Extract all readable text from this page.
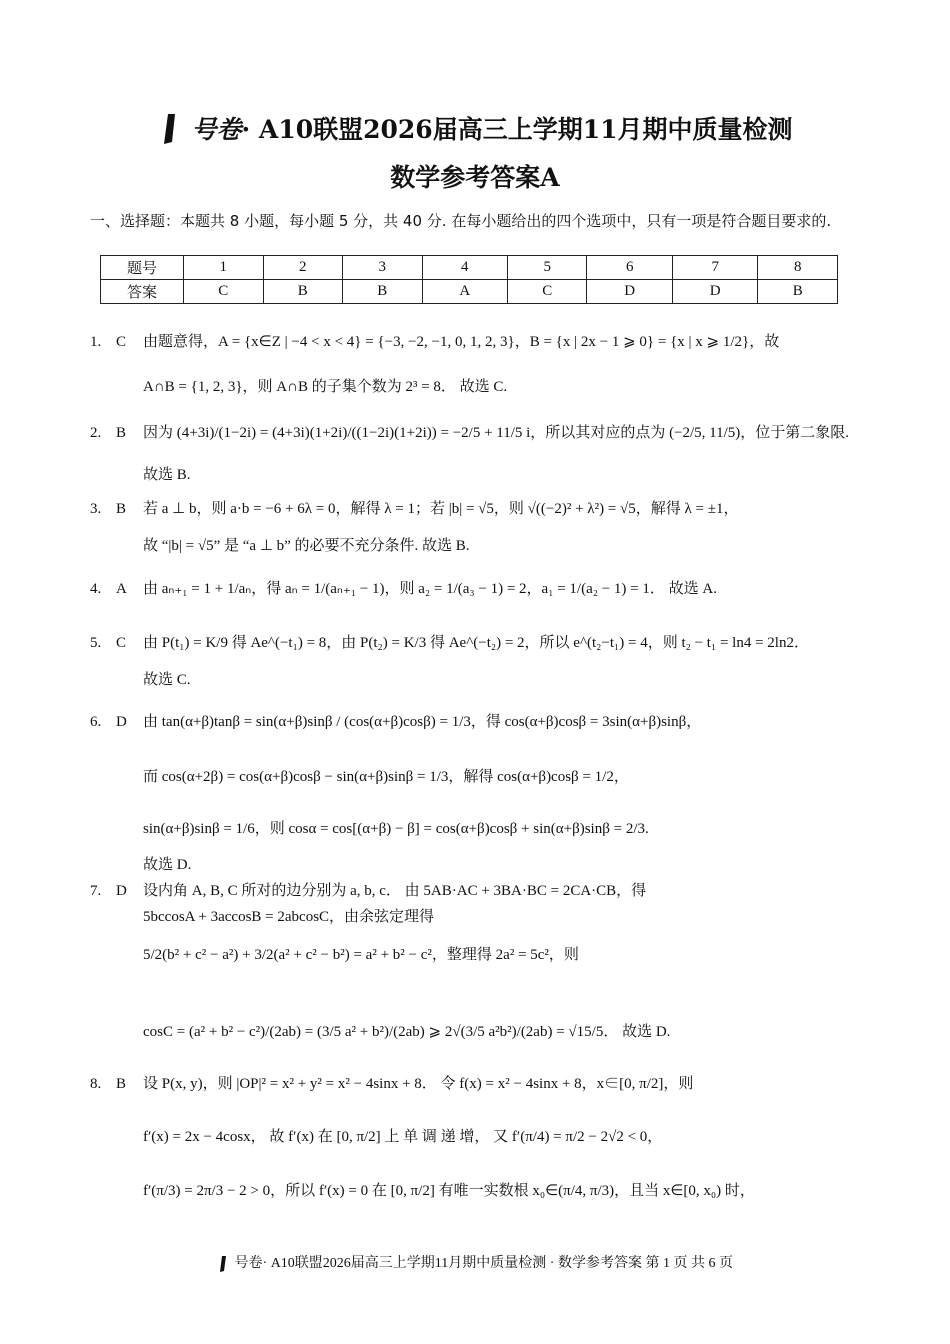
号卷· A10联盟2026届高三上学期11月期中质量检测
数学参考答案A
一、选择题：本题共 8 小题，每小题 5 分，共 40 分. 在每小题给出的四个选项中，只有一项是符合题目要求的.
题号	1	2	3	4	5	6	7	8
答案	C	B	B	A	C	D	D	B
1. C 由题意得，A = {x∈Z | −4 < x < 4} = {−3, −2, −1, 0, 1, 2, 3}，B = {x | 2x − 1 ⩾ 0} = {x | x ⩾ 1/2}，故
A∩B = {1, 2, 3}，则 A∩B 的子集个数为 2³ = 8． 故选 C.
2. B 因为 (4+3i)/(1−2i) = (4+3i)(1+2i)/((1−2i)(1+2i)) = −2/5 + 11/5 i，所以其对应的点为 (−2/5, 11/5)，位于第二象限.
故选 B.
3. B 若 a ⊥ b，则 a·b = −6 + 6λ = 0，解得 λ = 1；若 |b| = √5，则 √((−2)² + λ²) = √5，解得 λ = ±1，
故 “|b| = √5” 是 “a ⊥ b” 的必要不充分条件. 故选 B.
4. A 由 aₙ₊₁ = 1 + 1/aₙ，得 aₙ = 1/(aₙ₊₁ − 1)，则 a₂ = 1/(a₃ − 1) = 2，a₁ = 1/(a₂ − 1) = 1． 故选 A.
5. C 由 P(t₁) = K/9 得 Ae^(−t₁) = 8，由 P(t₂) = K/3 得 Ae^(−t₂) = 2，所以 e^(t₂−t₁) = 4，则 t₂ − t₁ = ln4 = 2ln2．
故选 C.
6. D 由 tan(α+β)tanβ = sin(α+β)sinβ / (cos(α+β)cosβ) = 1/3，得 cos(α+β)cosβ = 3sin(α+β)sinβ，
而 cos(α+2β) = cos(α+β)cosβ − sin(α+β)sinβ = 1/3，解得 cos(α+β)cosβ = 1/2，
sin(α+β)sinβ = 1/6，则 cosα = cos[(α+β) − β] = cos(α+β)cosβ + sin(α+β)sinβ = 2/3.
故选 D.
7. D 设内角 A, B, C 所对的边分别为 a, b, c． 由 5AB·AC + 3BA·BC = 2CA·CB，得
5bccosA + 3accosB = 2abcosC，由余弦定理得
5/2(b² + c² − a²) + 3/2(a² + c² − b²) = a² + b² − c²，整理得 2a² = 5c²，则
cosC = (a² + b² − c²)/(2ab) = (3/5 a² + b²)/(2ab) ⩾ 2√(3/5 a²b²)/(2ab) = √15/5． 故选 D.
8. B 设 P(x, y)，则 |OP|² = x² + y² = x² − 4sinx + 8． 令 f(x) = x² − 4sinx + 8，x∈[0, π/2]，则
f′(x) = 2x − 4cosx， 故 f′(x) 在 [0, π/2] 上 单 调 递 增， 又 f′(π/4) = π/2 − 2√2 < 0，
f′(π/3) = 2π/3 − 2 > 0，所以 f′(x) = 0 在 [0, π/2] 有唯一实数根 x₀∈(π/4, π/3)，且当 x∈[0, x₀) 时，
号卷· A10联盟2026届高三上学期11月期中质量检测 · 数学参考答案 第 1 页 共 6 页
